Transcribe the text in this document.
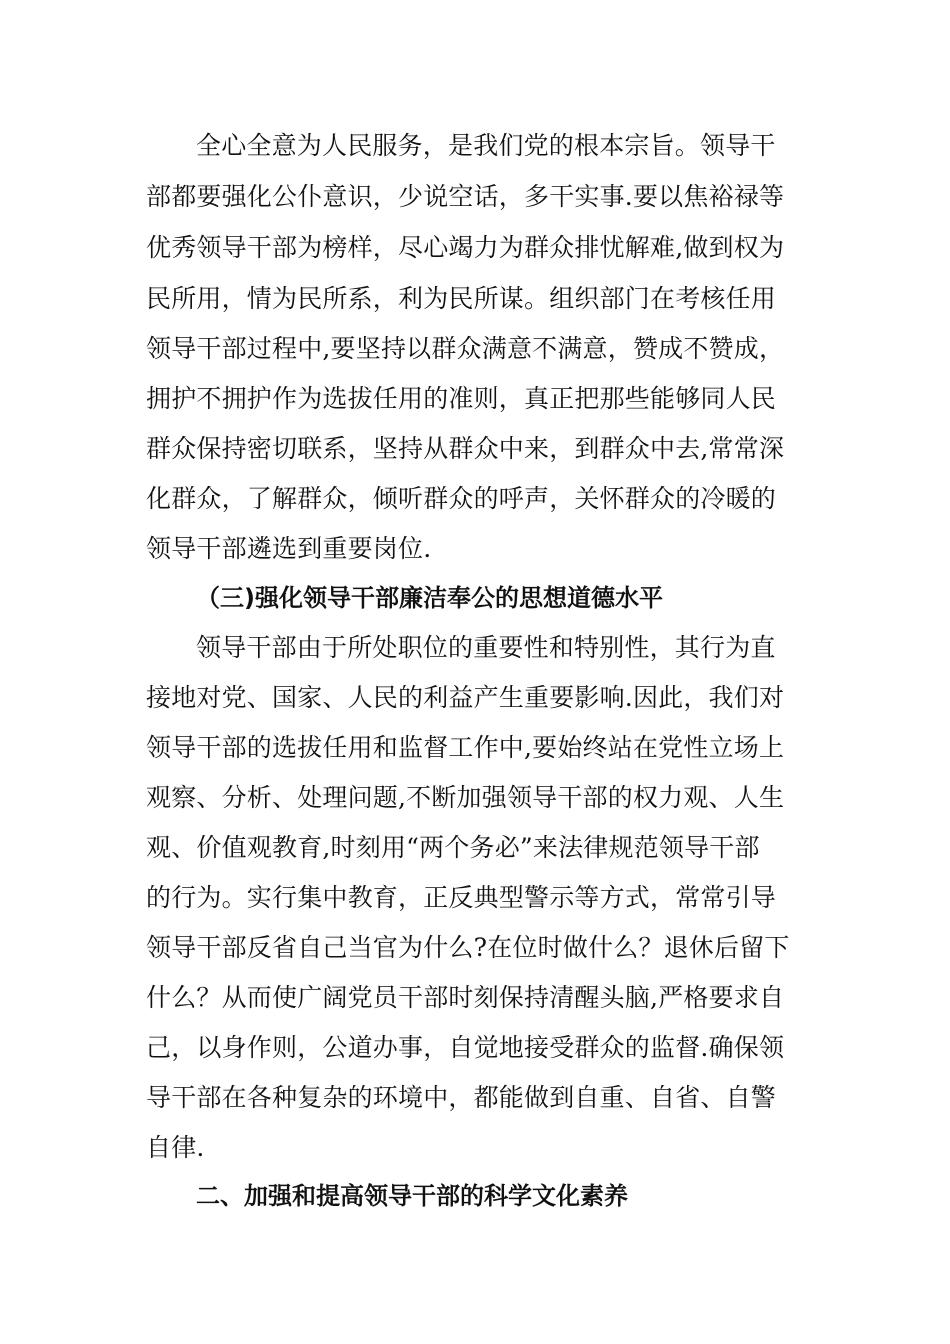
全心全意为人民服务，是我们党的根本宗旨。领导干
部都要强化公仆意识，少说空话，多干实事.要以焦裕禄等
优秀领导干部为榜样，尽心竭力为群众排忧解难,做到权为
民所用，情为民所系，利为民所谋。组织部门在考核任用
领导干部过程中,要坚持以群众满意不满意，赞成不赞成，
拥护不拥护作为选拔任用的准则，真正把那些能够同人民
群众保持密切联系，坚持从群众中来，到群众中去,常常深
化群众，了解群众，倾听群众的呼声，关怀群众的冷暖的
领导干部遴选到重要岗位.
（三)强化领导干部廉洁奉公的思想道德水平
领导干部由于所处职位的重要性和特别性，其行为直
接地对党、国家、人民的利益产生重要影响.因此，我们对
领导干部的选拔任用和监督工作中,要始终站在党性立场上
观察、分析、处理问题,不断加强领导干部的权力观、人生
观、价值观教育,时刻用“两个务必”来法律规范领导干部
的行为。实行集中教育，正反典型警示等方式，常常引导
领导干部反省自己当官为什么?在位时做什么？退休后留下
什么？从而使广阔党员干部时刻保持清醒头脑,严格要求自
己，以身作则，公道办事，自觉地接受群众的监督.确保领
导干部在各种复杂的环境中，都能做到自重、自省、自警
自律.
二、加强和提高领导干部的科学文化素养
